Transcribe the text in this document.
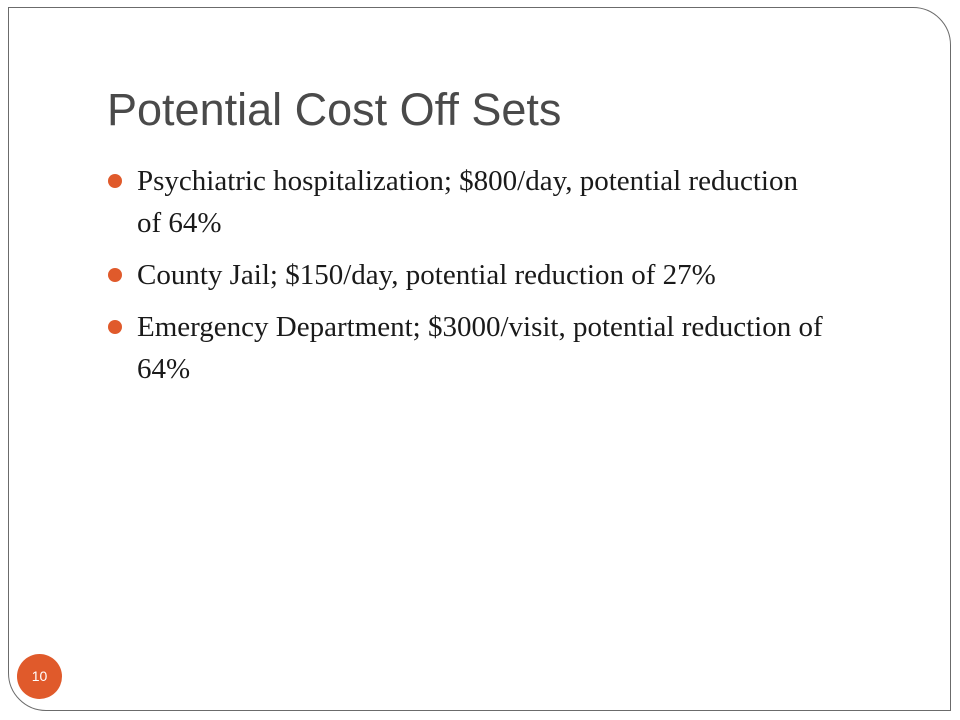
Potential Cost Off Sets
Psychiatric hospitalization; $800/day, potential reduction of 64%
County Jail; $150/day, potential reduction of 27%
Emergency Department; $3000/visit, potential reduction of 64%
10
